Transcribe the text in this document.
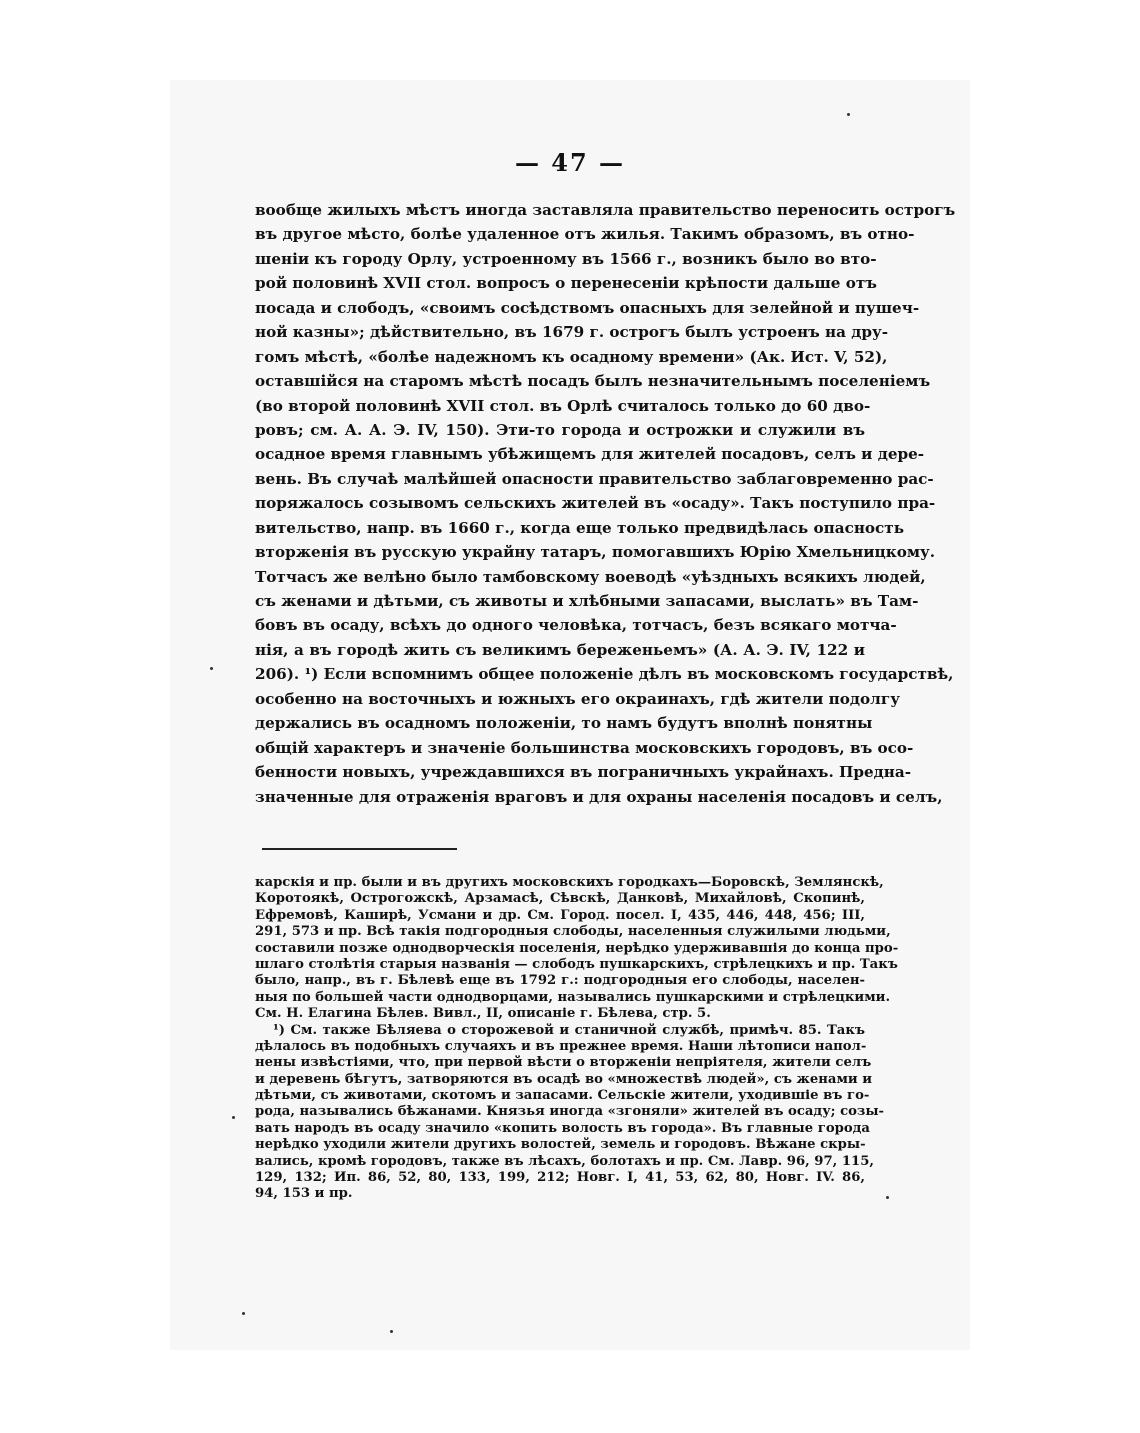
— 47 —
вообще жилыхъ мѣстъ иногда заставляла правительство переносить острогъ
въ другое мѣсто, болѣе удаленное отъ жилья. Такимъ образомъ, въ отно-
шеніи къ городу Орлу, устроенному въ 1566 г., возникъ было во вто-
рой половинѣ XVII стол. вопросъ о перенесеніи крѣпости дальше отъ
посада и слободъ, «своимъ сосѣдствомъ опасныхъ для зелейной и пушеч-
ной казны»; дѣйствительно, въ 1679 г. острогъ былъ устроенъ на дру-
гомъ мѣстѣ, «болѣе надежномъ къ осадному времени» (Ак. Ист. V, 52),
оставшійся на старомъ мѣстѣ посадъ былъ незначительнымъ поселеніемъ
(во второй половинѣ XVII стол. въ Орлѣ считалось только до 60 дво-
ровъ; см. А. А. Э. IV, 150). Эти-то города и острожки и служили въ
осадное время главнымъ убѣжищемъ для жителей посадовъ, селъ и дере-
вень. Въ случаѣ малѣйшей опасности правительство заблаговременно рас-
поряжалось созывомъ сельскихъ жителей въ «осаду». Такъ поступило пра-
вительство, напр. въ 1660 г., когда еще только предвидѣлась опасность
вторженія въ русскую украйну татаръ, помогавшихъ Юрію Хмельницкому.
Тотчасъ же велѣно было тамбовскому воеводѣ «уѣздныхъ всякихъ людей,
съ женами и дѣтьми, съ животы и хлѣбными запасами, выслать» въ Там-
бовъ въ осаду, всѣхъ до одного человѣка, тотчасъ, безъ всякаго мотча-
нія, а въ городѣ жить съ великимъ береженьемъ» (А. А. Э. IV, 122 и
206). ¹) Если вспомнимъ общее положеніе дѣлъ въ московскомъ государствѣ,
особенно на восточныхъ и южныхъ его окраинахъ, гдѣ жители подолгу
держались въ осадномъ положеніи, то намъ будутъ вполнѣ понятны
общій характеръ и значеніе большинства московскихъ городовъ, въ осо-
бенности новыхъ, учреждавшихся въ пограничныхъ украйнахъ. Предна-
значенные для отраженія враговъ и для охраны населенія посадовъ и селъ,
карскія и пр. были и въ другихъ московскихъ городкахъ—Боровскѣ, Землянскѣ,
Коротоякѣ, Острогожскѣ, Арзамасѣ, Сѣвскѣ, Данковѣ, Михайловѣ, Скопинѣ,
Ефремовѣ, Каширѣ, Усмани и др. См. Город. посел. I, 435, 446, 448, 456; III,
291, 573 и пр. Всѣ такія подгородныя слободы, населенныя служилыми людьми,
составили позже однодворческія поселенія, нерѣдко удерживавшія до конца про-
шлаго столѣтія старыя названія — слободъ пушкарскихъ, стрѣлецкихъ и пр. Такъ
было, напр., въ г. Бѣлевѣ еще въ 1792 г.: подгородныя его слободы, населен-
ныя по большей части однодворцами, назывались пушкарскими и стрѣлецкими.
См. Н. Елагина Бѣлев. Вивл., II, описаніе г. Бѣлева, стр. 5.
¹) См. также Бѣляева о сторожевой и станичной службѣ, примѣч. 85. Такъ
дѣлалось въ подобныхъ случаяхъ и въ прежнее время. Наши лѣтописи напол-
нены извѣстіями, что, при первой вѣсти о вторженіи непріятеля, жители селъ
и деревень бѣгутъ, затворяются въ осадѣ во «множествѣ людей», съ женами и
дѣтьми, съ животами, скотомъ и запасами. Сельскіе жители, уходившіе въ го-
рода, назывались бѣжанами. Князья иногда «згоняли» жителей въ осаду; созы-
вать народъ въ осаду значило «копить волость въ города». Въ главные города
нерѣдко уходили жители другихъ волостей, земель и городовъ. Вѣжане скры-
вались, кромѣ городовъ, также въ лѣсахъ, болотахъ и пр. См. Лавр. 96, 97, 115,
129, 132; Ип. 86, 52, 80, 133, 199, 212; Новг. I, 41, 53, 62, 80, Новг. IV. 86,
94, 153 и пр.
